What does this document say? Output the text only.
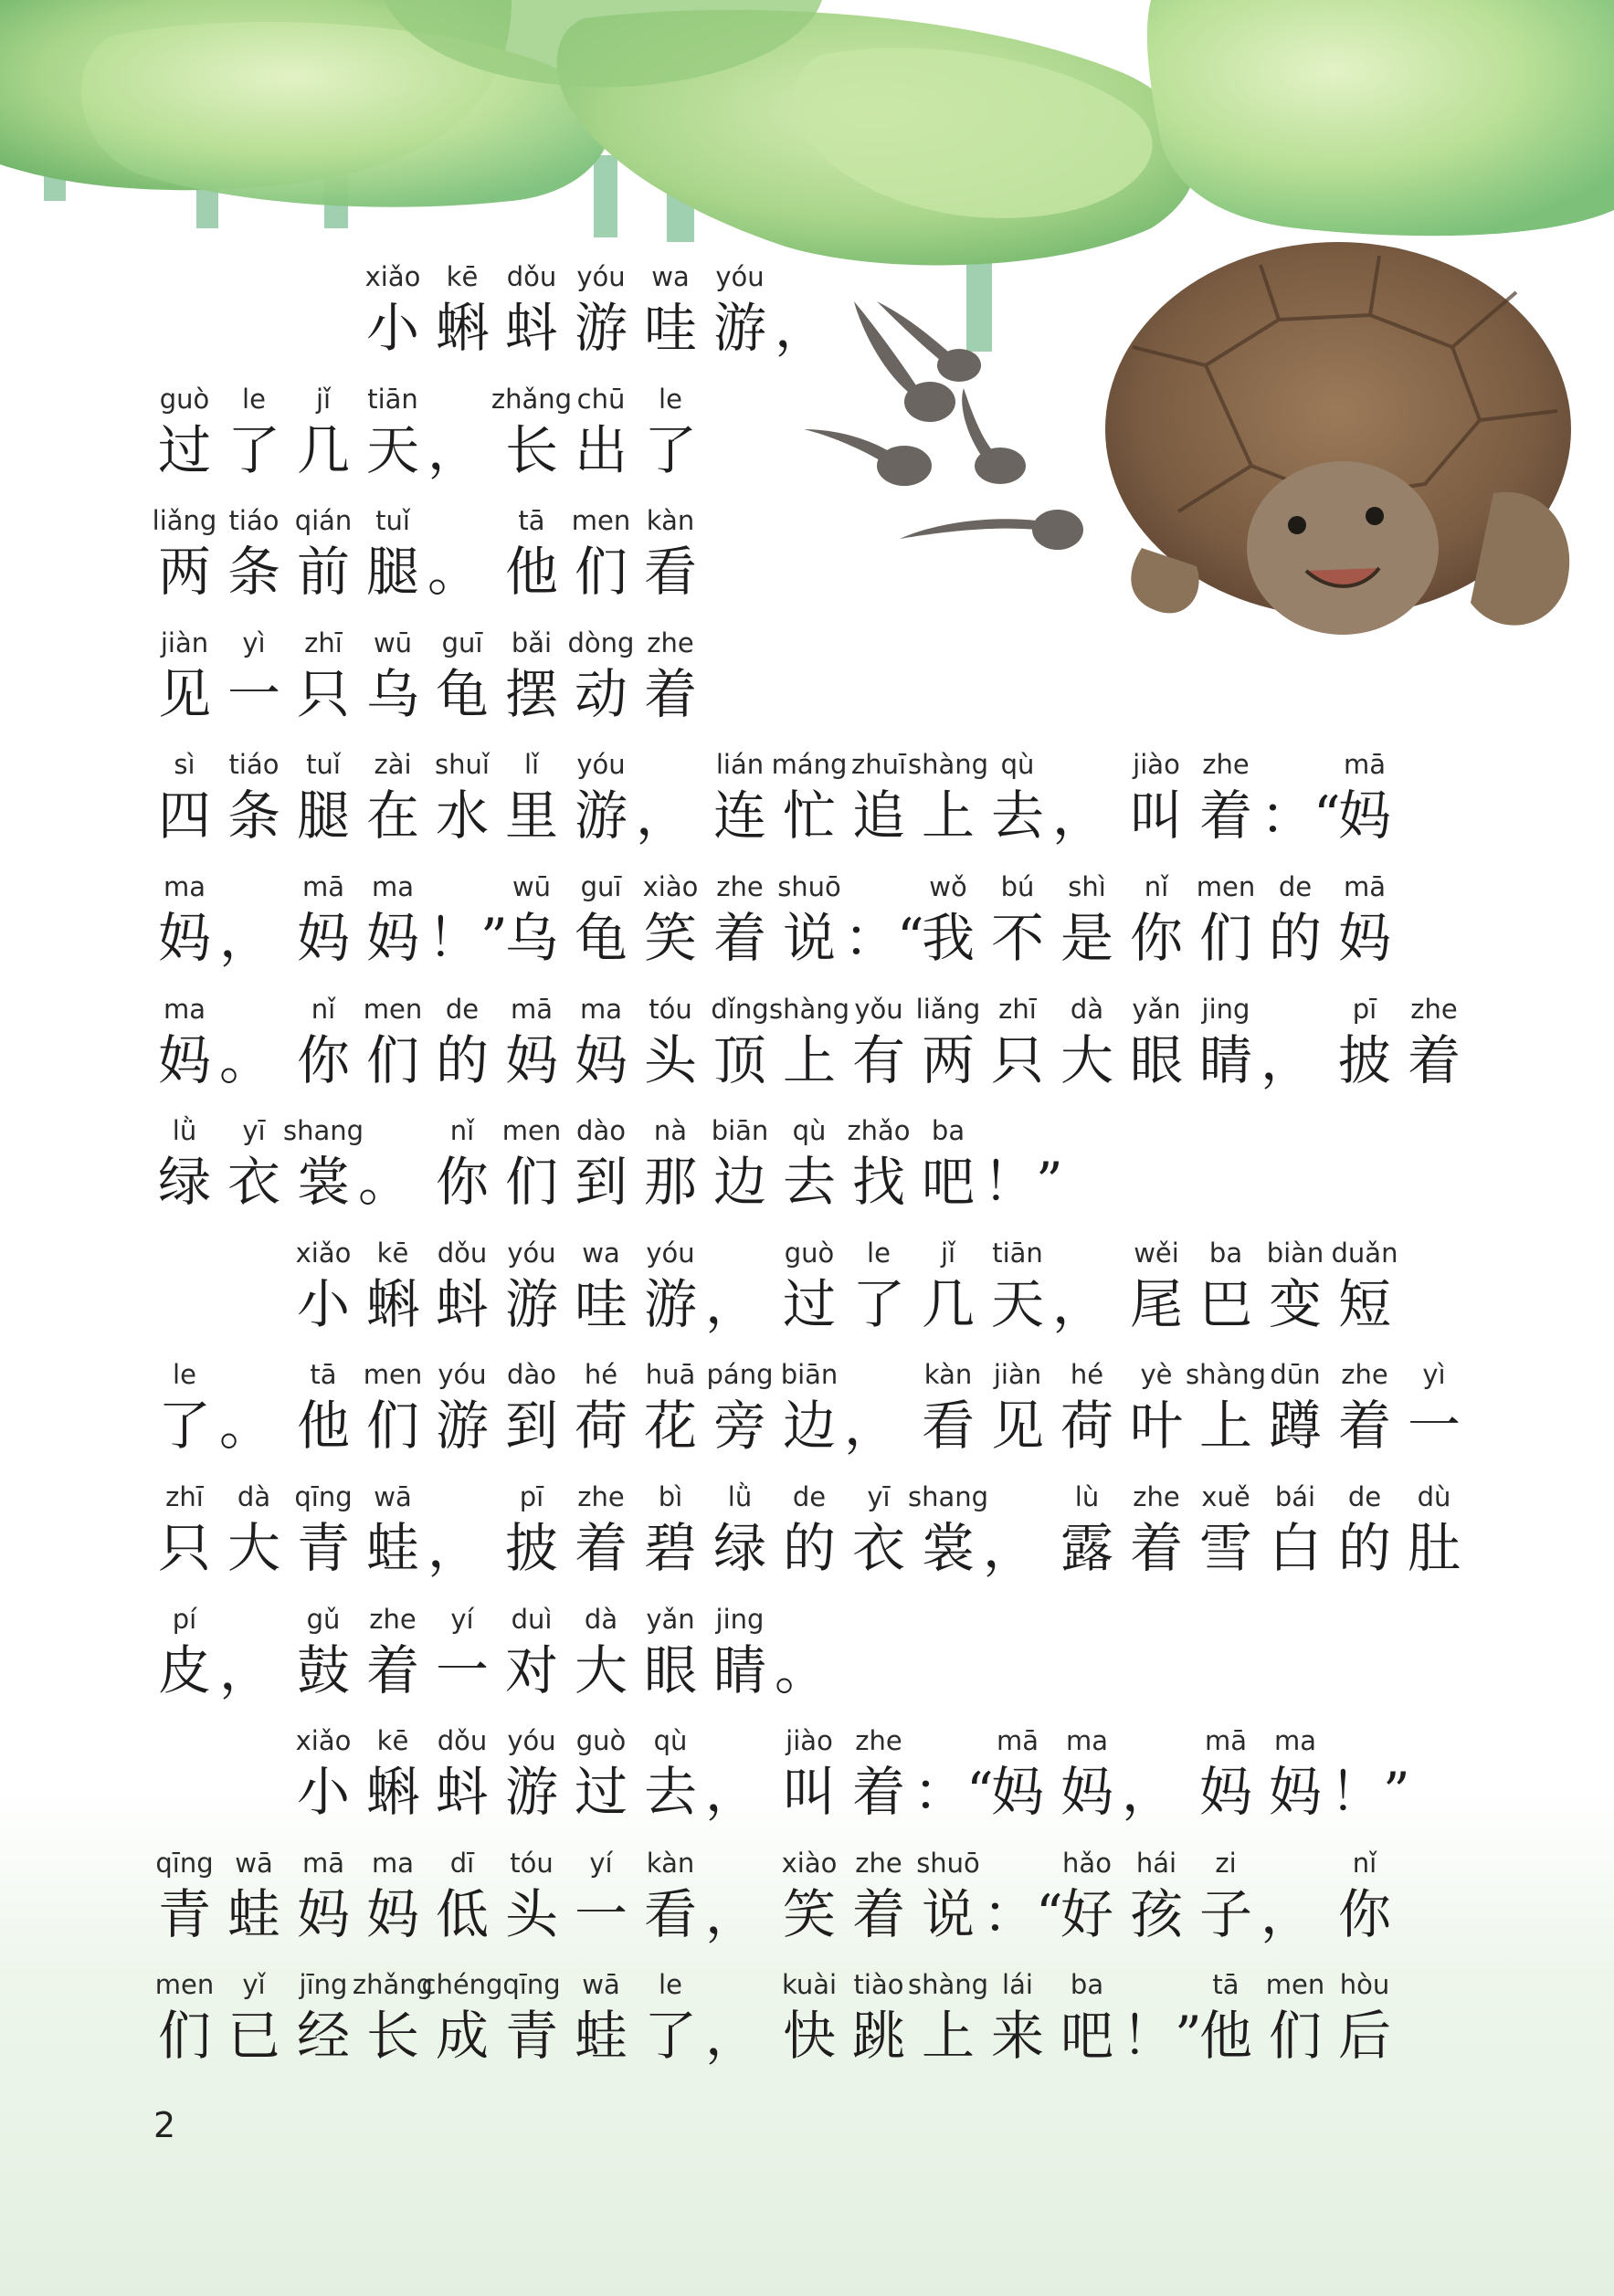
xiǎo
小
kē
蝌
dǒu
蚪
yóu
游
wa
哇
yóu
游 ，
guò
过
le
了
jǐ
几
tiān
天 ，
zhǎng
长
chū
出
le
了
liǎng
两
tiáo
条
qián
前
tuǐ
腿 。
tā
他
men
们
kàn
看
jiàn
见
yì
一
zhī
只
wū
乌
guī
龟
bǎi
摆
dòng
动
zhe
着
sì
四
tiáo
条
tuǐ
腿
zài
在
shuǐ
水
lǐ
里
yóu
游 ，
lián
连
máng
忙
zhuī
追
shàng
上
qù
去 ，
jiào
叫
zhe
着 ：“
mā
妈
ma
妈 ，
mā
妈
ma
妈 ！”
wū
乌
guī
龟
xiào
笑
zhe
着
shuō
说 ：“
wǒ
我
bú
不
shì
是
nǐ
你
men
们
de
的
mā
妈
ma
妈 。
nǐ
你
men
们
de
的
mā
妈
ma
妈
tóu
头
dǐng
顶
shàng
上
yǒu
有
liǎng
两
zhī
只
dà
大
yǎn
眼
jing
睛 ，
pī
披
zhe
着
lǜ
绿
yī
衣
shang
裳 。
nǐ
你
men
们
dào
到
nà
那
biān
边
qù
去
zhǎo
找
ba
吧 ！”
xiǎo
小
kē
蝌
dǒu
蚪
yóu
游
wa
哇
yóu
游 ，
guò
过
le
了
jǐ
几
tiān
天 ，
wěi
尾
ba
巴
biàn
变
duǎn
短
le
了 。
tā
他
men
们
yóu
游
dào
到
hé
荷
huā
花
páng
旁
biān
边 ，
kàn
看
jiàn
见
hé
荷
yè
叶
shàng
上
dūn
蹲
zhe
着
yì
一
zhī
只
dà
大
qīng
青
wā
蛙 ，
pī
披
zhe
着
bì
碧
lǜ
绿
de
的
yī
衣
shang
裳 ，
lù
露
zhe
着
xuě
雪
bái
白
de
的
dù
肚
pí
皮 ，
gǔ
鼓
zhe
着
yí
一
duì
对
dà
大
yǎn
眼
jing
睛 。
xiǎo
小
kē
蝌
dǒu
蚪
yóu
游
guò
过
qù
去 ，
jiào
叫
zhe
着 ：“
mā
妈
ma
妈 ，
mā
妈
ma
妈 ！”
qīng
青
wā
蛙
mā
妈
ma
妈
dī
低
tóu
头
yí
一
kàn
看 ，
xiào
笑
zhe
着
shuō
说 ：“
hǎo
好
hái
孩
zi
子 ，
nǐ
你
men
们
yǐ
已
jīng
经
zhǎng
长
chéng
成
qīng
青
wā
蛙
le
了 ，
kuài
快
tiào
跳
shàng
上
lái
来
ba
吧 ！”
tā
他
men
们
hòu
后
2
